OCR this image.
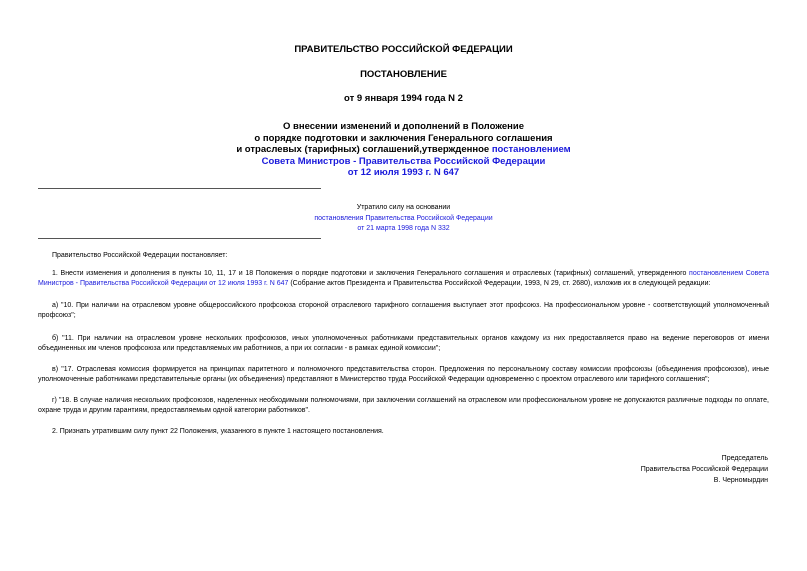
ПРАВИТЕЛЬСТВО РОССИЙСКОЙ ФЕДЕРАЦИИ
ПОСТАНОВЛЕНИЕ
от 9 января 1994 года N 2
О внесении изменений и дополнений в Положение
о порядке подготовки и заключения Генерального соглашения
и отраслевых (тарифных) соглашений,утвержденное постановлением
Совета Министров - Правительства Российской Федерации
от 12 июля 1993 г. N 647
Утратило силу на основании
постановления Правительства Российской Федерации
от 21 марта 1998 года N 332
Правительство Российской Федерации постановляет:
1. Внести изменения и дополнения в пункты 10, 11, 17 и 18 Положения о порядке подготовки и заключения Генерального соглашения и отраслевых (тарифных) соглашений, утвержденного постановлением Совета Министров - Правительства Российской Федерации от 12 июля 1993 г. N 647 (Собрание актов Президента и Правительства Российской Федерации, 1993, N 29, ст. 2680), изложив их в следующей редакции:
а) "10. При наличии на отраслевом уровне общероссийского профсоюза стороной отраслевого тарифного соглашения выступает этот профсоюз. На профессиональном уровне - соответствующий уполномоченный профсоюз";
б) "11. При наличии на отраслевом уровне нескольких профсоюзов, иных уполномоченных работниками представительных органов каждому из них предоставляется право на ведение переговоров от имени объединенных им членов профсоюза или представляемых им работников, а при их согласии - в рамках единой комиссии";
в) "17. Отраслевая комиссия формируется на принципах паритетного и полномочного представительства сторон. Предложения по персональному составу комиссии профсоюзы (объединения профсоюзов), иные уполномоченные работниками представительные органы (их объединения) представляют в Министерство труда Российской Федерации одновременно с проектом отраслевого или тарифного соглашения";
г) "18. В случае наличия нескольких профсоюзов, наделенных необходимыми полномочиями, при заключении соглашений на отраслевом или профессиональном уровне не допускаются различные подходы по оплате, охране труда и другим гарантиям, предоставляемым одной категории работников".
2. Признать утратившим силу пункт 22 Положения, указанного в пункте 1 настоящего постановления.
Председатель
Правительства Российской Федерации
В. Черномырдин
